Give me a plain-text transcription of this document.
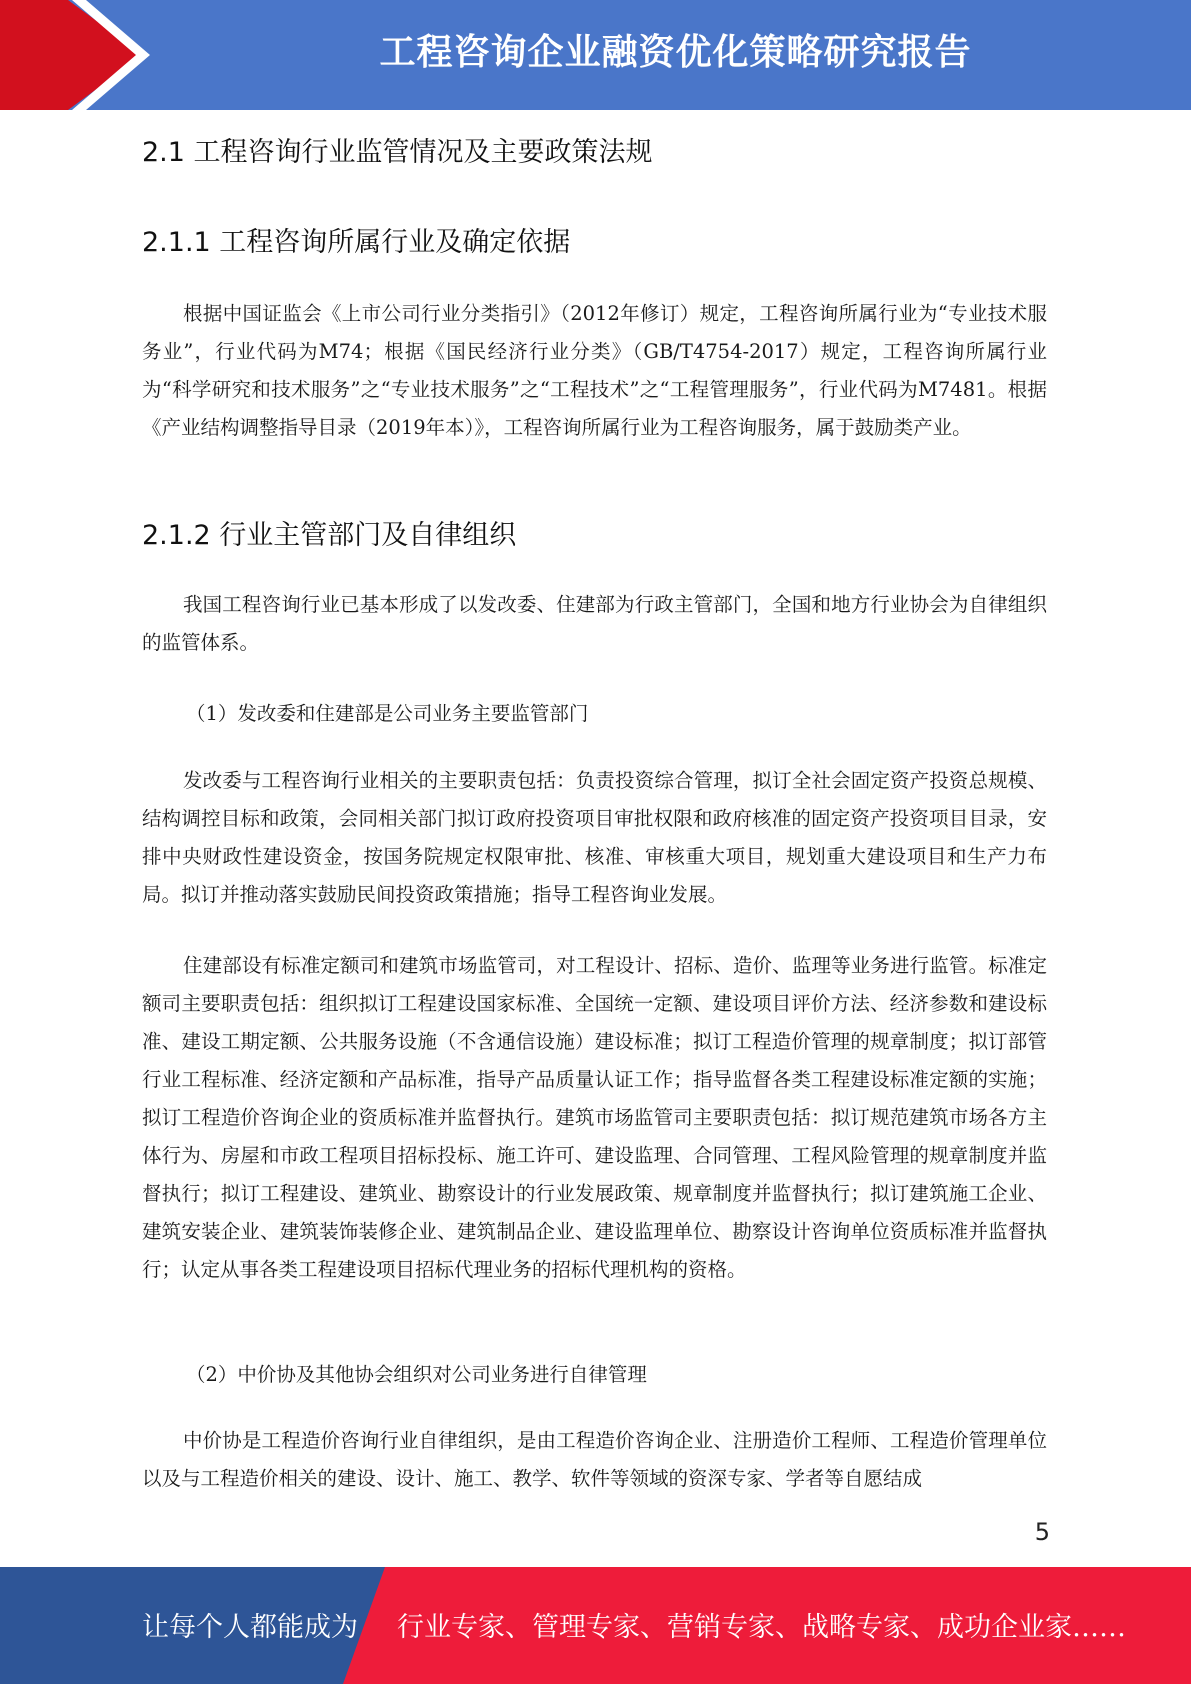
工程咨询企业融资优化策略研究报告
2.1 工程咨询行业监管情况及主要政策法规
2.1.1 工程咨询所属行业及确定依据

根据中国证监会《上市公司行业分类指引》（2012年修订）规定，工程咨询所属行业为“专业技术服务业”，行业代码为M74；根据《国民经济行业分类》（GB/T4754-2017）规定，工程咨询所属行业为“科学研究和技术服务”之“专业技术服务”之“工程技术”之“工程管理服务”，行业代码为M7481。根据《产业结构调整指导目录（2019年本）》，工程咨询所属行业为工程咨询服务，属于鼓励类产业。

2.1.2 行业主管部门及自律组织

我国工程咨询行业已基本形成了以发改委、住建部为行政主管部门，全国和地方行业协会为自律组织的监管体系。

（1）发改委和住建部是公司业务主要监管部门

发改委与工程咨询行业相关的主要职责包括：负责投资综合管理，拟订全社会固定资产投资总规模、结构调控目标和政策，会同相关部门拟订政府投资项目审批权限和政府核准的固定资产投资项目目录，安排中央财政性建设资金，按国务院规定权限审批、核准、审核重大项目，规划重大建设项目和生产力布局。拟订并推动落实鼓励民间投资政策措施；指导工程咨询业发展。

住建部设有标准定额司和建筑市场监管司，对工程设计、招标、造价、监理等业务进行监管。标准定额司主要职责包括：组织拟订工程建设国家标准、全国统一定额、建设项目评价方法、经济参数和建设标准、建设工期定额、公共服务设施（不含通信设施）建设标准；拟订工程造价管理的规章制度；拟订部管行业工程标准、经济定额和产品标准，指导产品质量认证工作；指导监督各类工程建设标准定额的实施；拟订工程造价咨询企业的资质标准并监督执行。建筑市场监管司主要职责包括：拟订规范建筑市场各方主体行为、房屋和市政工程项目招标投标、施工许可、建设监理、合同管理、工程风险管理的规章制度并监督执行；拟订工程建设、建筑业、勘察设计的行业发展政策、规章制度并监督执行；拟订建筑施工企业、建筑安装企业、建筑装饰装修企业、建筑制品企业、建设监理单位、勘察设计咨询单位资质标准并监督执行；认定从事各类工程建设项目招标代理业务的招标代理机构的资格。

（2）中价协及其他协会组织对公司业务进行自律管理

中价协是工程造价咨询行业自律组织，是由工程造价咨询企业、注册造价工程师、工程造价管理单位以及与工程造价相关的建设、设计、施工、教学、软件等领域的资深专家、学者等自愿结成

5
让每个人都能成为 行业专家、管理专家、营销专家、战略专家、成功企业家……
